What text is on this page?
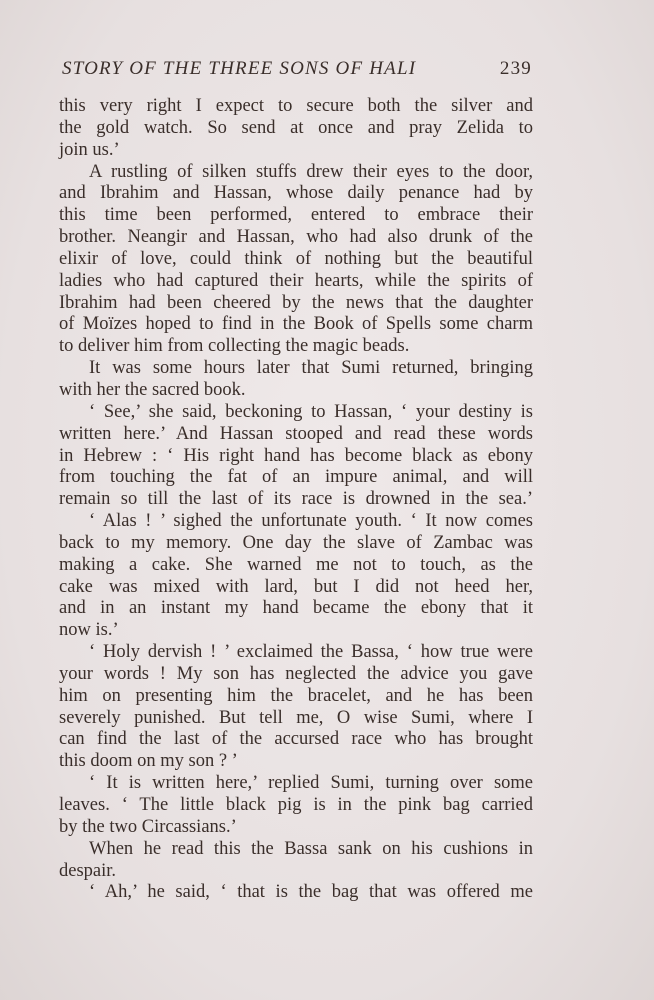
STORY OF THE THREE SONS OF HALI	239
this very right I expect to secure both the silver and
the gold watch. So send at once and pray Zelida to
join us.’
A rustling of silken stuffs drew their eyes to the door,
and Ibrahim and Hassan, whose daily penance had by
this time been performed, entered to embrace their
brother. Neangir and Hassan, who had also drunk of the
elixir of love, could think of nothing but the beautiful
ladies who had captured their hearts, while the spirits of
Ibrahim had been cheered by the news that the daughter
of Moïzes hoped to find in the Book of Spells some charm
to deliver him from collecting the magic beads.
It was some hours later that Sumi returned, bringing
with her the sacred book.
‘ See,’ she said, beckoning to Hassan, ‘ your destiny is
written here.’ And Hassan stooped and read these words
in Hebrew : ‘ His right hand has become black as ebony
from touching the fat of an impure animal, and will
remain so till the last of its race is drowned in the sea.’
‘ Alas ! ’ sighed the unfortunate youth. ‘ It now comes
back to my memory. One day the slave of Zambac was
making a cake. She warned me not to touch, as the
cake was mixed with lard, but I did not heed her,
and in an instant my hand became the ebony that it
now is.’
‘ Holy dervish ! ’ exclaimed the Bassa, ‘ how true were
your words ! My son has neglected the advice you gave
him on presenting him the bracelet, and he has been
severely punished. But tell me, O wise Sumi, where I
can find the last of the accursed race who has brought
this doom on my son ? ’
‘ It is written here,’ replied Sumi, turning over some
leaves. ‘ The little black pig is in the pink bag carried
by the two Circassians.’
When he read this the Bassa sank on his cushions in
despair.
‘ Ah,’ he said, ‘ that is the bag that was offered me
